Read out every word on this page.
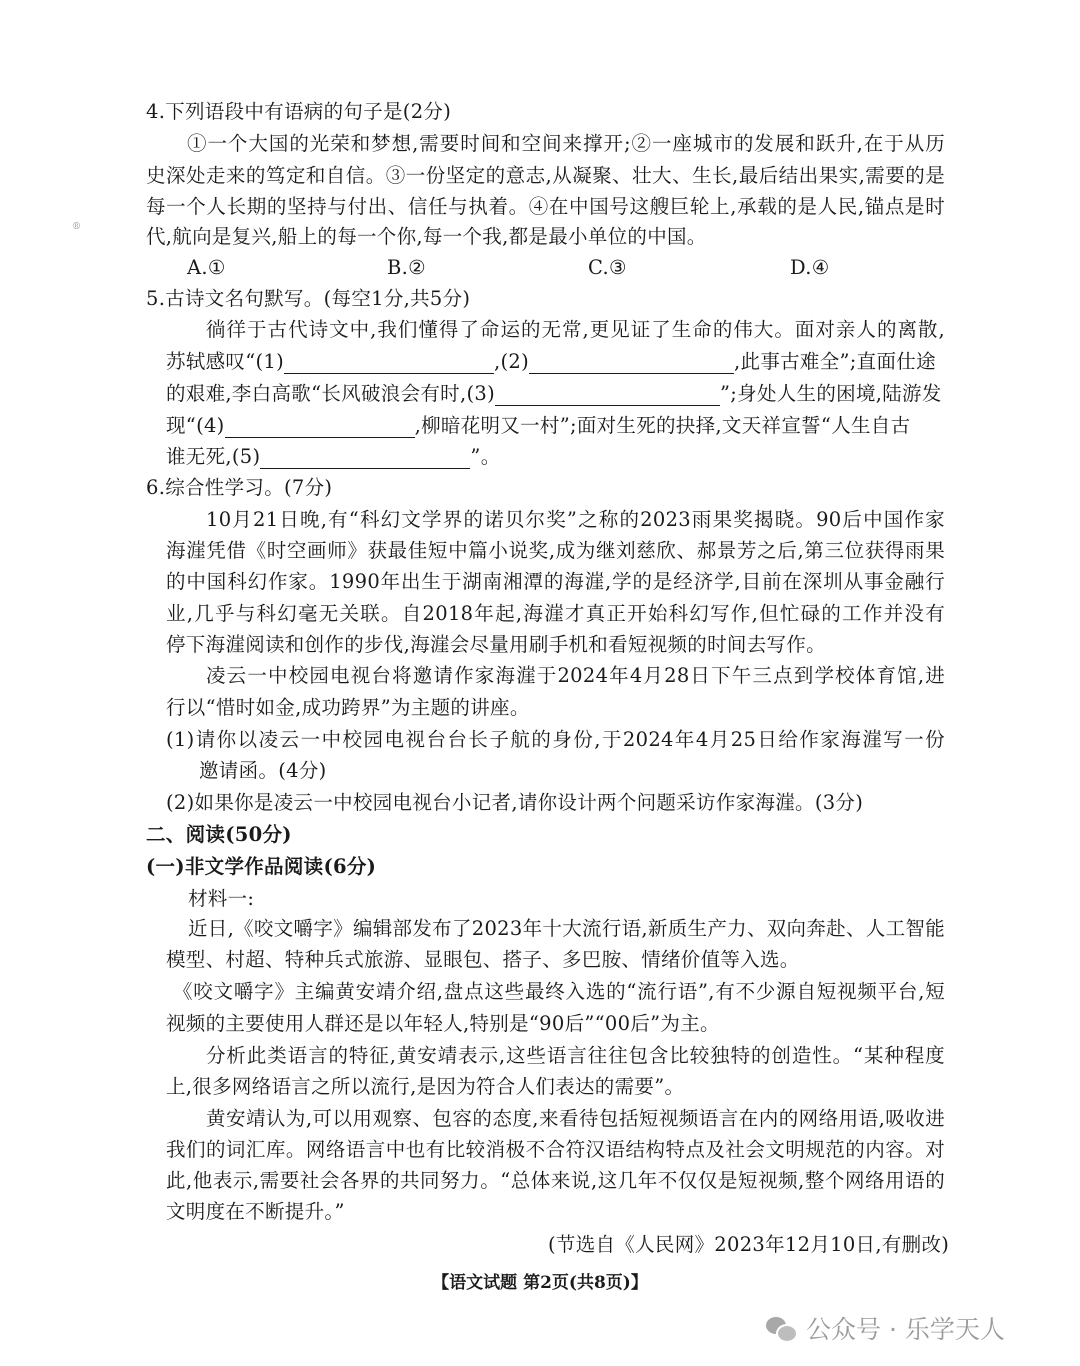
®
4.下列语段中有语病的句子是(2分)
①一个大国的光荣和梦想,需要时间和空间来撑开;②一座城市的发展和跃升,在于从历
史深处走来的笃定和自信。③一份坚定的意志,从凝聚、壮大、生长,最后结出果实,需要的是
每一个人长期的坚持与付出、信任与执着。④在中国号这艘巨轮上,承载的是人民,锚点是时
代,航向是复兴,船上的每一个你,每一个我,都是最小单位的中国。
A.①	B.②	C.③	D.④
5.古诗文名句默写。(每空1分,共5分)
徜徉于古代诗文中,我们懂得了命运的无常,更见证了生命的伟大。面对亲人的离散,
苏轼感叹“(1)	,(2)	,此事古难全”;直面仕途
的艰难,李白高歌“长风破浪会有时,(3)	”;身处人生的困境,陆游发
现“(4)	,柳暗花明又一村”;面对生死的抉择,文天祥宣誓“人生自古
谁无死,(5)	”。
6.综合性学习。(7分)
10月21日晚,有“科幻文学界的诺贝尔奖”之称的2023雨果奖揭晓。90后中国作家
海漄凭借《时空画师》获最佳短中篇小说奖,成为继刘慈欣、郝景芳之后,第三位获得雨果
的中国科幻作家。1990年出生于湖南湘潭的海漄,学的是经济学,目前在深圳从事金融行
业,几乎与科幻毫无关联。自2018年起,海漄才真正开始科幻写作,但忙碌的工作并没有
停下海漄阅读和创作的步伐,海漄会尽量用刷手机和看短视频的时间去写作。
凌云一中校园电视台将邀请作家海漄于2024年4月28日下午三点到学校体育馆,进
行以“惜时如金,成功跨界”为主题的讲座。
(1)请你以凌云一中校园电视台台长子航的身份,于2024年4月25日给作家海漄写一份
邀请函。(4分)
(2)如果你是凌云一中校园电视台小记者,请你设计两个问题采访作家海漄。(3分)
二、阅读(50分)
(一)非文学作品阅读(6分)
材料一:
近日,《咬文嚼字》编辑部发布了2023年十大流行语,新质生产力、双向奔赴、人工智能
模型、村超、特种兵式旅游、显眼包、搭子、多巴胺、情绪价值等入选。
《咬文嚼字》主编黄安靖介绍,盘点这些最终入选的“流行语”,有不少源自短视频平台,短
视频的主要使用人群还是以年轻人,特别是“90后”“00后”为主。
分析此类语言的特征,黄安靖表示,这些语言往往包含比较独特的创造性。“某种程度
上,很多网络语言之所以流行,是因为符合人们表达的需要”。
黄安靖认为,可以用观察、包容的态度,来看待包括短视频语言在内的网络用语,吸收进
我们的词汇库。网络语言中也有比较消极不合符汉语结构特点及社会文明规范的内容。对
此,他表示,需要社会各界的共同努力。“总体来说,这几年不仅仅是短视频,整个网络用语的
文明度在不断提升。”
(节选自《人民网》2023年12月10日,有删改)
【语文试题 第2页(共8页)】
公众号 · 乐学天人
